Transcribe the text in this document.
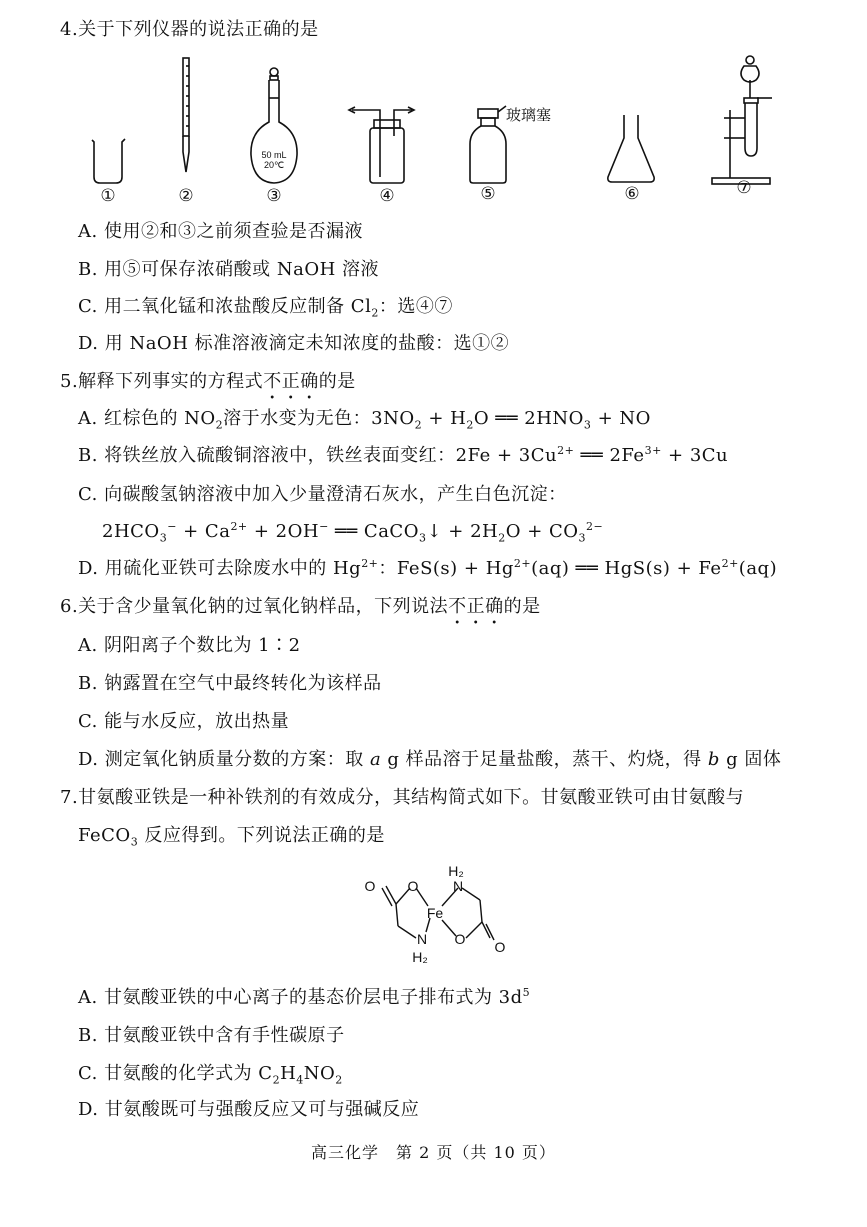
4.关于下列仪器的说法正确的是
50 mL
20℃
玻璃塞
①	②	③	④	⑤	⑥	⑦
A. 使用②和③之前须查验是否漏液
B. 用⑤可保存浓硝酸或 NaOH 溶液
C. 用二氧化锰和浓盐酸反应制备 $Cl_2$：选④⑦
D. 用 NaOH 标准溶液滴定未知浓度的盐酸：选①②
5.解释下列事实的方程式不正确的是
A. 红棕色的 $NO_2$溶于水变为无色：$3NO_2 + H_2O$ ══ $2HNO_3$ + NO
B. 将铁丝放入硫酸铜溶液中，铁丝表面变红：$2Fe + 3Cu^{2+}$ ══ $2Fe^{3+} + 3Cu$
C. 向碳酸氢钠溶液中加入少量澄清石灰水，产生白色沉淀：
$2HCO_3^- + Ca^{2+} + 2OH^-$ ══ CaCO$_3$↓ + $2H_2O + CO_3^{2-}$
D. 用硫化亚铁可去除废水中的 $Hg^{2+}$：$FeS(s) + Hg^{2+}(aq)$ ══ $HgS(s) + Fe^{2+}(aq)$
6.关于含少量氧化钠的过氧化钠样品，下列说法不正确的是
A. 阴阳离子个数比为 1∶2
B. 钠露置在空气中最终转化为该样品
C. 能与水反应，放出热量
D. 测定氧化钠质量分数的方案：取 a g 样品溶于足量盐酸，蒸干、灼烧，得 b g 固体
7.甘氨酸亚铁是一种补铁剂的有效成分，其结构简式如下。甘氨酸亚铁可由甘氨酸与
FeCO$_3$ 反应得到。下列说法正确的是
O O
Fe
N
H₂
N
H₂
O O
A. 甘氨酸亚铁的中心离子的基态价层电子排布式为 $3d^5$
B. 甘氨酸亚铁中含有手性碳原子
C. 甘氨酸的化学式为 $C_2H_4NO_2$
D. 甘氨酸既可与强酸反应又可与强碱反应
高三化学　第 2 页（共 10 页）
